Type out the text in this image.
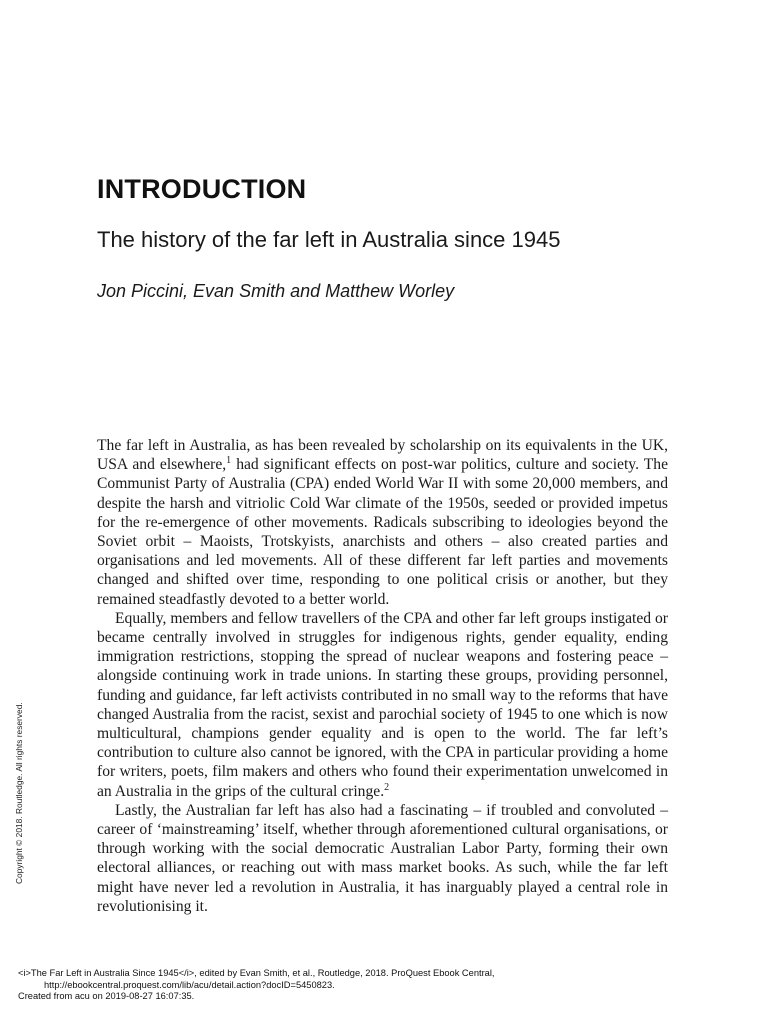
INTRODUCTION
The history of the far left in Australia since 1945

Jon Piccini, Evan Smith and Matthew Worley

The far left in Australia, as has been revealed by scholarship on its equivalents in the UK, USA and elsewhere,$^1$ had significant effects on post-war politics, culture and society. The Communist Party of Australia (CPA) ended World War II with some 20,000 members, and despite the harsh and vitriolic Cold War climate of the 1950s, seeded or provided impetus for the re-emergence of other movements. Radicals subscribing to ideologies beyond the Soviet orbit – Maoists, Trotskyists, anarchists and others – also created parties and organisations and led movements. All of these different far left parties and movements changed and shifted over time, responding to one political crisis or another, but they remained steadfastly devoted to a better world.

Equally, members and fellow travellers of the CPA and other far left groups instigated or became centrally involved in struggles for indigenous rights, gender equality, ending immigration restrictions, stopping the spread of nuclear weapons and fostering peace – alongside continuing work in trade unions. In starting these groups, providing personnel, funding and guidance, far left activists contributed in no small way to the reforms that have changed Australia from the racist, sexist and parochial society of 1945 to one which is now multicultural, champions gender equality and is open to the world. The far left’s contribution to culture also cannot be ignored, with the CPA in particular providing a home for writers, poets, film makers and others who found their experimentation unwelcomed in an Australia in the grips of the cultural cringe.$^2$

Lastly, the Australian far left has also had a fascinating – if troubled and convoluted – career of ‘mainstreaming’ itself, whether through aforementioned cultural organisations, or through working with the social democratic Australian Labor Party, forming their own electoral alliances, or reaching out with mass market books. As such, while the far left might have never led a revolution in Australia, it has inarguably played a central role in revolutionising it.

Copyright © 2018. Routledge. All rights reserved.
<i>The Far Left in Australia Since 1945</i>, edited by Evan Smith, et al., Routledge, 2018. ProQuest Ebook Central,
http://ebookcentral.proquest.com/lib/acu/detail.action?docID=5450823.
Created from acu on 2019-08-27 16:07:35.
